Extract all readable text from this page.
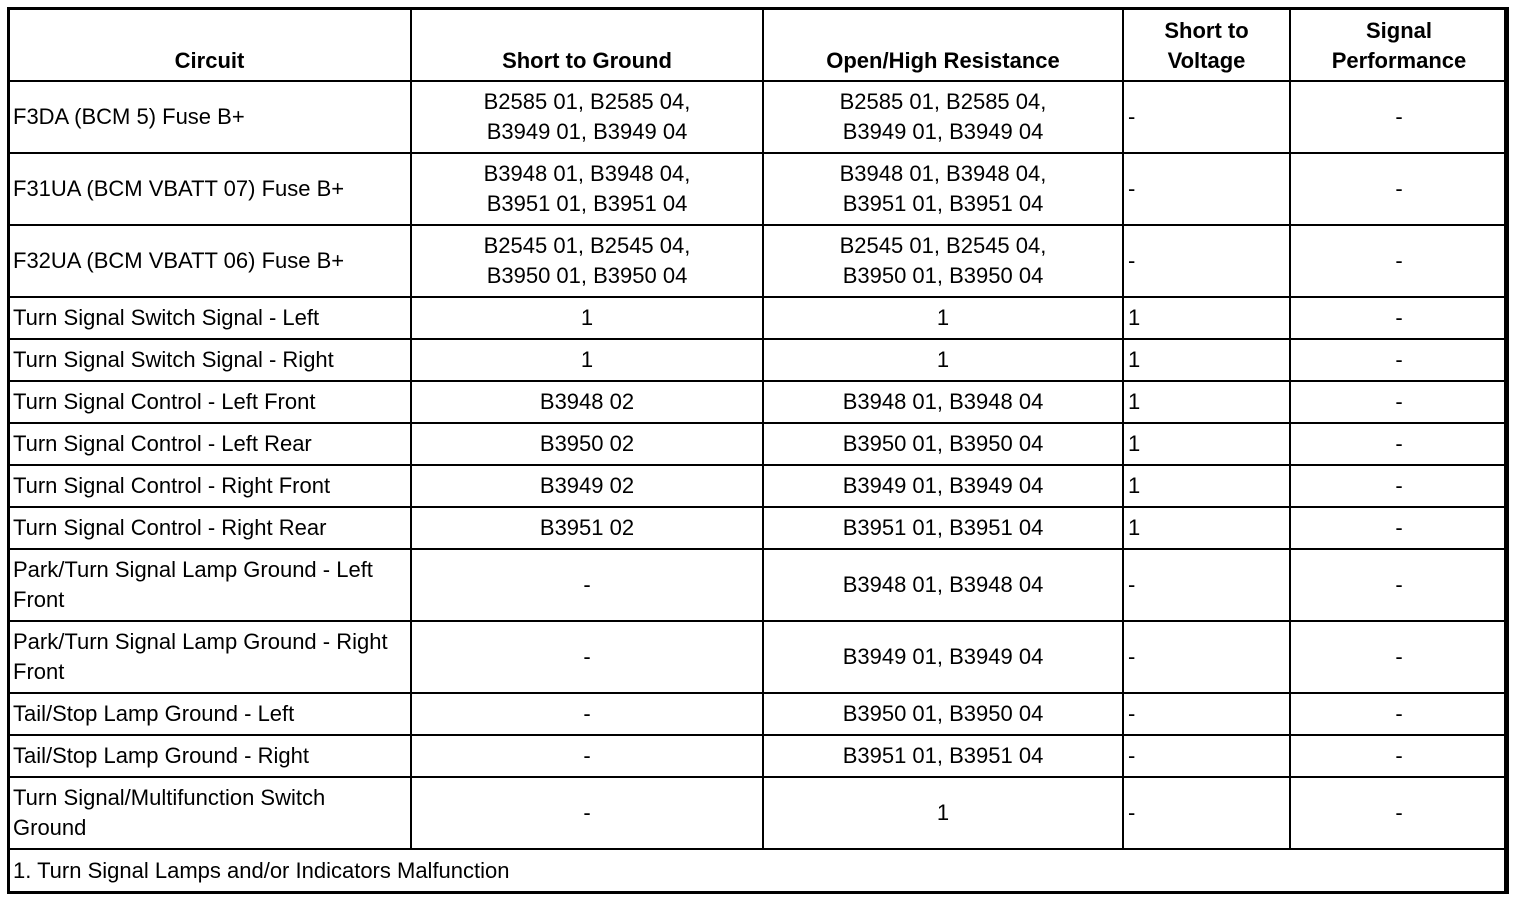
Circuit	Short to Ground	Open/High Resistance	Short to Voltage	Signal Performance
F3DA (BCM 5) Fuse B+	B2585 01, B2585 04, B3949 01, B3949 04	B2585 01, B2585 04, B3949 01, B3949 04	-	-
F31UA (BCM VBATT 07) Fuse B+	B3948 01, B3948 04, B3951 01, B3951 04	B3948 01, B3948 04, B3951 01, B3951 04	-	-
F32UA (BCM VBATT 06) Fuse B+	B2545 01, B2545 04, B3950 01, B3950 04	B2545 01, B2545 04, B3950 01, B3950 04	-	-
Turn Signal Switch Signal - Left	1	1	1	-
Turn Signal Switch Signal - Right	1	1	1	-
Turn Signal Control - Left Front	B3948 02	B3948 01, B3948 04	1	-
Turn Signal Control - Left Rear	B3950 02	B3950 01, B3950 04	1	-
Turn Signal Control - Right Front	B3949 02	B3949 01, B3949 04	1	-
Turn Signal Control - Right Rear	B3951 02	B3951 01, B3951 04	1	-
Park/Turn Signal Lamp Ground - Left Front	-	B3948 01, B3948 04	-	-
Park/Turn Signal Lamp Ground - Right Front	-	B3949 01, B3949 04	-	-
Tail/Stop Lamp Ground - Left	-	B3950 01, B3950 04	-	-
Tail/Stop Lamp Ground - Right	-	B3951 01, B3951 04	-	-
Turn Signal/Multifunction Switch Ground	-	1	-	-
1. Turn Signal Lamps and/or Indicators Malfunction				
